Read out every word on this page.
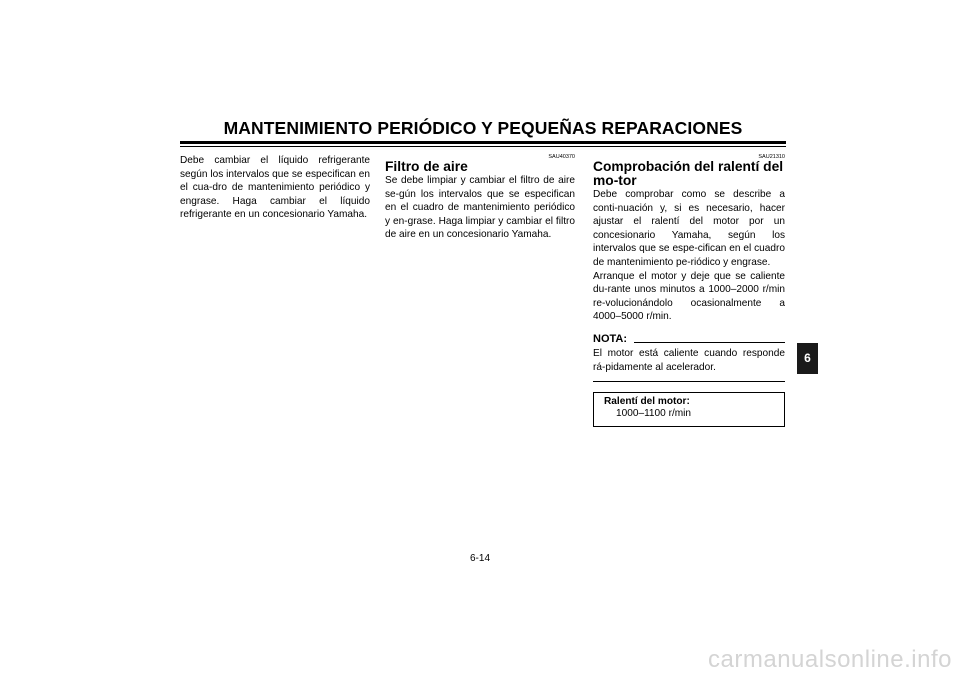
MANTENIMIENTO PERIÓDICO Y PEQUEÑAS REPARACIONES

Debe cambiar el líquido refrigerante según los intervalos que se especifican en el cua-dro de mantenimiento periódico y engrase. Haga cambiar el líquido refrigerante en un concesionario Yamaha.

SAU40370

Filtro de aire

Se debe limpiar y cambiar el filtro de aire se-gún los intervalos que se especifican en el cuadro de mantenimiento periódico y en-grase. Haga limpiar y cambiar el filtro de aire en un concesionario Yamaha.

SAU21310

Comprobación del ralentí del mo-tor

Debe comprobar como se describe a conti-nuación y, si es necesario, hacer ajustar el ralentí del motor por un concesionario Yamaha, según los intervalos que se espe-cifican en el cuadro de mantenimiento pe-riódico y engrase.

Arranque el motor y deje que se caliente du-rante unos minutos a 1000–2000 r/min re-volucionándolo ocasionalmente a 4000–5000 r/min.

NOTA:

El motor está caliente cuando responde rá-pidamente al acelerador.

Ralentí del motor:
1000–1100 r/min
6
6-14
carmanualsonline.info
